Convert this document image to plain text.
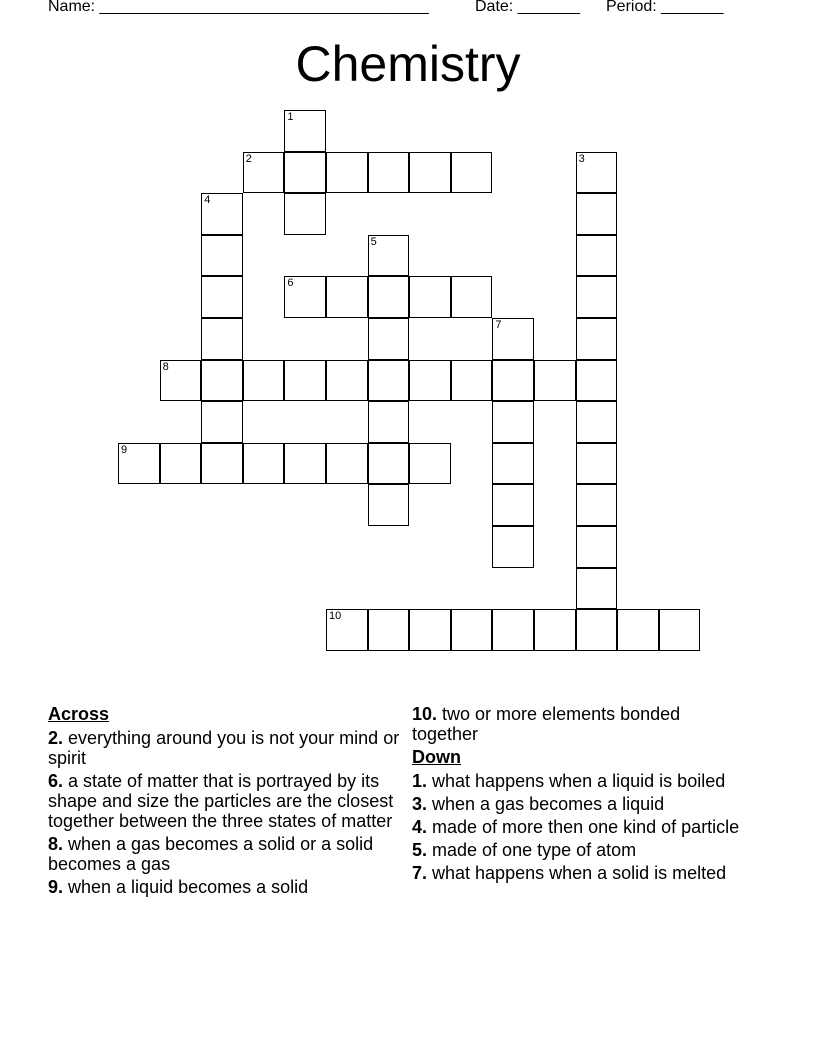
Name: _____________________________________	Date: _______ Period: _______
Chemistry
1
2	3
4
5
6
7
8
9
10
Across
2. everything around you is not your mind or spirit
6. a state of matter that is portrayed by its shape and size the particles are the closest together between the three states of matter
8. when a gas becomes a solid or a solid becomes a gas
9. when a liquid becomes a solid
10. two or more elements bonded together
Down
1. what happens when a liquid is boiled
3. when a gas becomes a liquid
4. made of more then one kind of particle
5. made of one type of atom
7. what happens when a solid is melted
